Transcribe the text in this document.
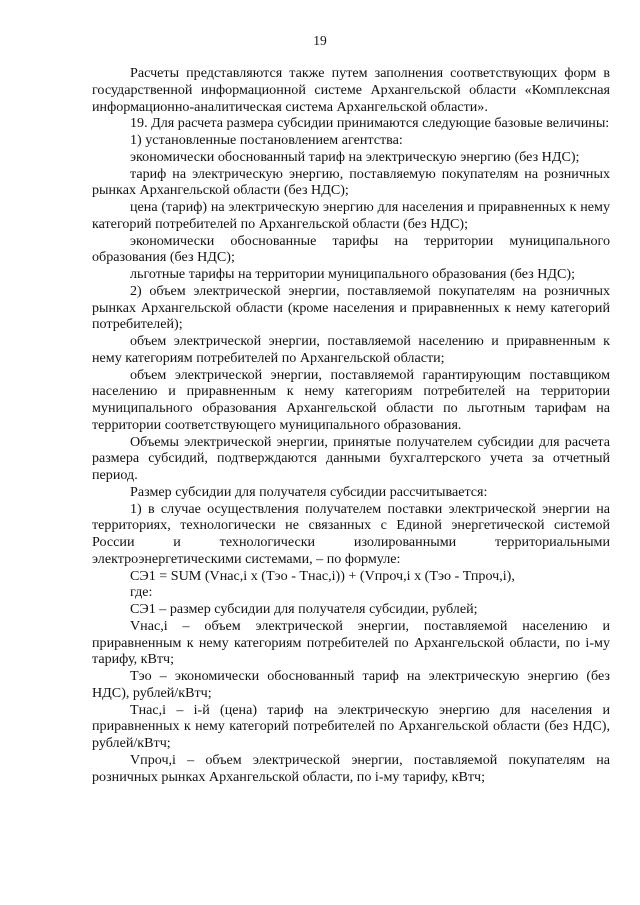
19

Расчеты представляются также путем заполнения соответствующих форм в государственной информационной системе Архангельской области «Комплексная информационно-аналитическая система Архангельской области».

19. Для расчета размера субсидии принимаются следующие базовые величины:

1) установленные постановлением агентства:

экономически обоснованный тариф на электрическую энергию (без НДС);

тариф на электрическую энергию, поставляемую покупателям на розничных рынках Архангельской области (без НДС);

цена (тариф) на электрическую энергию для населения и приравненных к нему категорий потребителей по Архангельской области (без НДС);

экономически обоснованные тарифы на территории муниципального образования (без НДС);

льготные тарифы на территории муниципального образования (без НДС);

2) объем электрической энергии, поставляемой покупателям на розничных рынках Архангельской области (кроме населения и приравненных к нему категорий потребителей);

объем электрической энергии, поставляемой населению и приравненным к нему категориям потребителей по Архангельской области;

объем электрической энергии, поставляемой гарантирующим поставщиком населению и приравненным к нему категориям потребителей на территории муниципального образования Архангельской области по льготным тарифам на территории соответствующего муниципального образования.

Объемы электрической энергии, принятые получателем субсидии для расчета размера субсидий, подтверждаются данными бухгалтерского учета за отчетный период.

Размер субсидии для получателя субсидии рассчитывается:

1) в случае осуществления получателем поставки электрической энергии на территориях, технологически не связанных с Единой энергетической системой России и технологически изолированными территориальными электроэнергетическими системами, – по формуле:

СЭ1 = SUM (Vнас,i x (Тэо - Тнас,i)) + (Vпроч,i x (Тэо - Тпроч,i),

где:

СЭ1 – размер субсидии для получателя субсидии, рублей;

Vнас,i – объем электрической энергии, поставляемой населению и приравненным к нему категориям потребителей по Архангельской области, по i-му тарифу, кВтч;

Тэо – экономически обоснованный тариф на электрическую энергию (без НДС), рублей/кВтч;

Тнас,i – i-й (цена) тариф на электрическую энергию для населения и приравненных к нему категорий потребителей по Архангельской области (без НДС), рублей/кВтч;

Vпроч,i – объем электрической энергии, поставляемой покупателям на розничных рынках Архангельской области, по i-му тарифу, кВтч;
